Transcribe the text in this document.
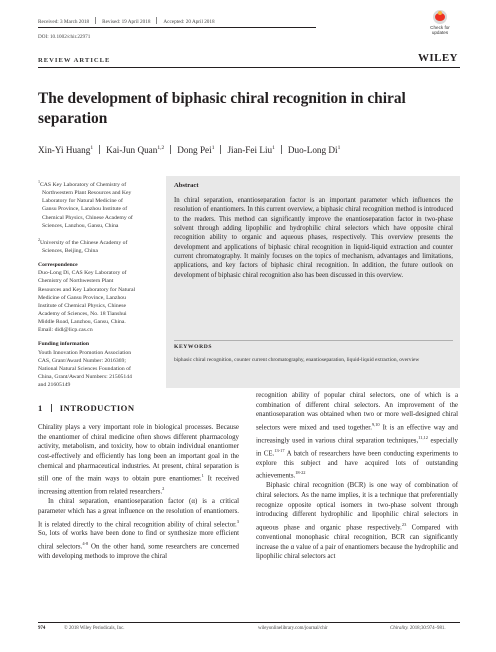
Received: 3 March 2018	Revised: 19 April 2018	Accepted: 20 April 2018
DOI: 10.1002/chir.22971
Check for
updates
REVIEW ARTICLE	WILEY
The development of biphasic chiral recognition in chiral separation
Xin-Yi Huang$^1$ Kai-Jun Quan$^{1,2}$ Dong Pei$^1$ Jian-Fei Liu$^1$ Duo-Long Di$^1$

$^1$CAS Key Laboratory of Chemistry of Northwestern Plant Resources and Key Laboratory for Natural Medicine of Gansu Province, Lanzhou Institute of Chemical Physics, Chinese Academy of Sciences, Lanzhou, Gansu, China

$^2$University of the Chinese Academy of Sciences, Beijing, China

Correspondence
Duo-Long Di, CAS Key Laboratory of Chemistry of Northwestern Plant Resources and Key Laboratory for Natural Medicine of Gansu Province, Lanzhou Institute of Chemical Physics, Chinese Academy of Sciences, No. 18 Tianshui Middle Road, Lanzhou, Gansu, China.

Email: didl@licp.cas.cn

Funding information
Youth Innovation Promotion Association CAS, Grant/Award Number: 2016369; National Natural Sciences Foundation of China, Grant/Award Numbers: 21505144 and 21605149
Abstract
In chiral separation, enantioseparation factor is an important parameter which influences the resolution of enantiomers. In this current overview, a biphasic chiral recognition method is introduced to the readers. This method can significantly improve the enantioseparation factor in two-phase solvent through adding lipophilic and hydrophilic chiral selectors which have opposite chiral recognition ability to organic and aqueous phases, respectively. This overview presents the development and applications of biphasic chiral recognition in liquid-liquid extraction and counter current chromatography. It mainly focuses on the topics of mechanism, advantages and limitations, applications, and key factors of biphasic chiral recognition. In addition, the future outlook on development of biphasic chiral recognition also has been discussed in this overview.
KEYWORDS
biphasic chiral recognition, counter current chromatography, enantioseparation, liquid-liquid extraction, overview
1 INTRODUCTION

Chirality plays a very important role in biological processes. Because the enantiomer of chiral medicine often shows different pharmacology activity, metabolism, and toxicity, how to obtain individual enantiomer cost-effectively and efficiently has long been an important goal in the chemical and pharmaceutical industries. At present, chiral separation is still one of the main ways to obtain pure enantiomer.$^1$ It received increasing attention from related researchers.$^2$

In chiral separation, enantioseparation factor (α) is a critical parameter which has a great influence on the resolution of enantiomers. It is related directly to the chiral recognition ability of chiral selector.$^3$ So, lots of works have been done to find or synthesize more efficient chiral selectors.$^{4-8}$ On the other hand, some researchers are concerned with developing methods to improve the chiral

recognition ability of popular chiral selectors, one of which is a combination of different chiral selectors. An improvement of the enantioseparation was obtained when two or more well-designed chiral selectors were mixed and used together.$^{9,10}$ It is an effective way and increasingly used in various chiral separation techniques,$^{11,12}$ especially in CE.$^{13-17}$ A batch of researchers have been conducting experiments to explore this subject and have acquired lots of outstanding achievements.$^{18-22}$

Biphasic chiral recognition (BCR) is one way of combination of chiral selectors. As the name implies, it is a technique that preferentially recognize opposite optical isomers in two-phase solvent through introducing different hydrophilic and lipophilic chiral selectors in aqueous phase and organic phase respectively.$^{23}$ Compared with conventional monophasic chiral recognition, BCR can significantly increase the α value of a pair of enantiomers because the hydrophilic and lipophilic chiral selectors act

974	© 2018 Wiley Periodicals, Inc.	wileyonlinelibrary.com/journal/chir	Chirality. 2018;30:974–981.
